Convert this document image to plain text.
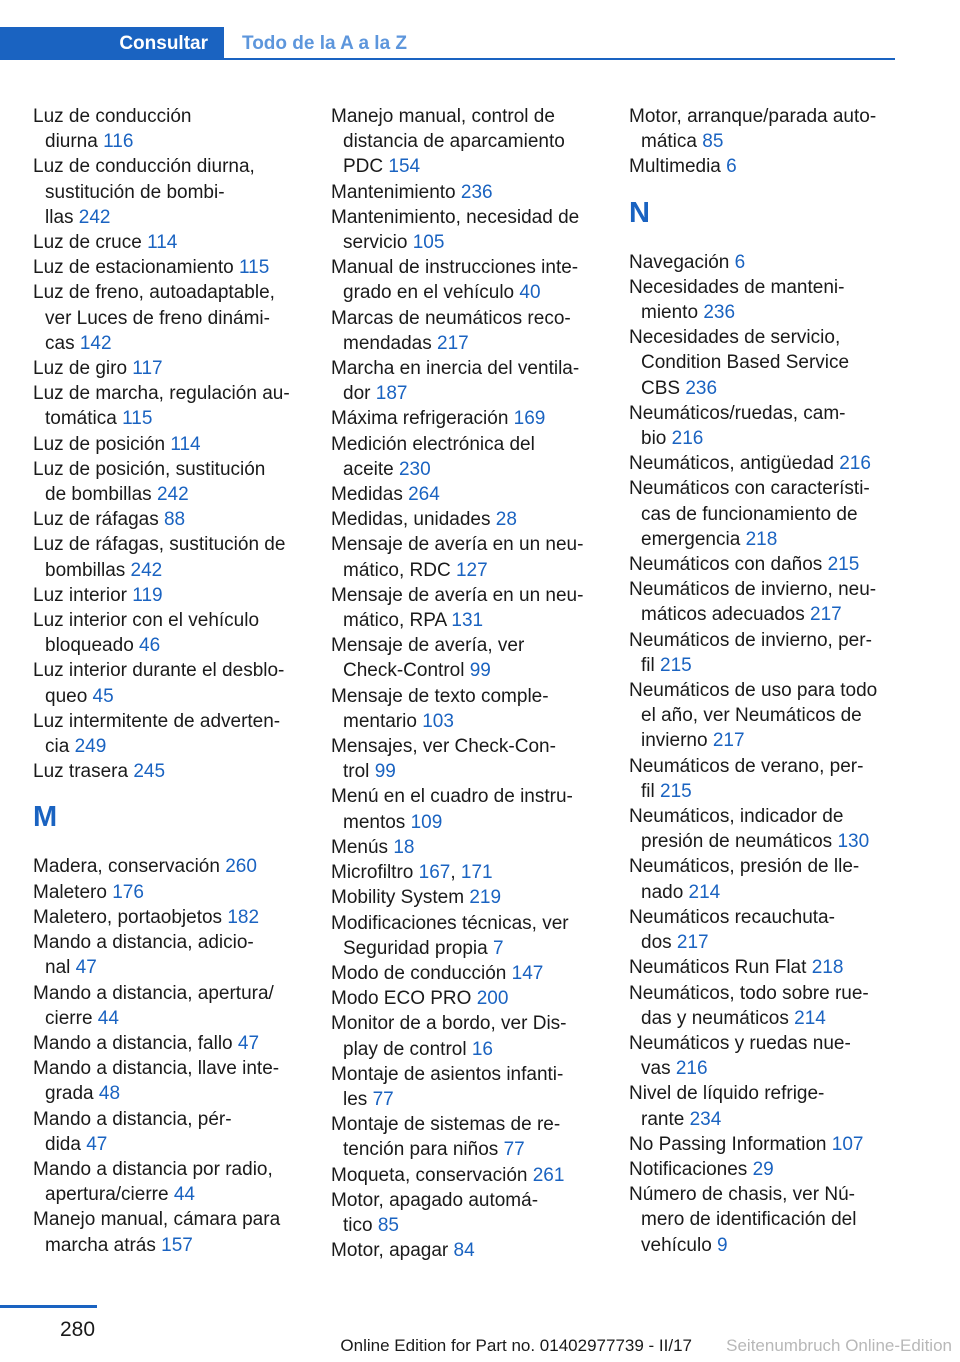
Consultar	Todo de la A a la Z
Luz de conducción
diurna 116
Luz de conducción diurna,
sustitución de bombi-
llas 242
Luz de cruce 114
Luz de estacionamiento 115
Luz de freno, autoadaptable,
ver Luces de freno dinámi-
cas 142
Luz de giro 117
Luz de marcha, regulación au-
tomática 115
Luz de posición 114
Luz de posición, sustitución
de bombillas 242
Luz de ráfagas 88
Luz de ráfagas, sustitución de
bombillas 242
Luz interior 119
Luz interior con el vehículo
bloqueado 46
Luz interior durante el desblo-
queo 45
Luz intermitente de adverten-
cia 249
Luz trasera 245
M
Madera, conservación 260
Maletero 176
Maletero, portaobjetos 182
Mando a distancia, adicio-
nal 47
Mando a distancia, apertura/
cierre 44
Mando a distancia, fallo 47
Mando a distancia, llave inte-
grada 48
Mando a distancia, pér-
dida 47
Mando a distancia por radio,
apertura/cierre 44
Manejo manual, cámara para
marcha atrás 157
Manejo manual, control de
distancia de aparcamiento
PDC 154
Mantenimiento 236
Mantenimiento, necesidad de
servicio 105
Manual de instrucciones inte-
grado en el vehículo 40
Marcas de neumáticos reco-
mendadas 217
Marcha en inercia del ventila-
dor 187
Máxima refrigeración 169
Medición electrónica del
aceite 230
Medidas 264
Medidas, unidades 28
Mensaje de avería en un neu-
mático, RDC 127
Mensaje de avería en un neu-
mático, RPA 131
Mensaje de avería, ver
Check-Control 99
Mensaje de texto comple-
mentario 103
Mensajes, ver Check-Con-
trol 99
Menú en el cuadro de instru-
mentos 109
Menús 18
Microfiltro 167, 171
Mobility System 219
Modificaciones técnicas, ver
Seguridad propia 7
Modo de conducción 147
Modo ECO PRO 200
Monitor de a bordo, ver Dis-
play de control 16
Montaje de asientos infanti-
les 77
Montaje de sistemas de re-
tención para niños 77
Moqueta, conservación 261
Motor, apagado automá-
tico 85
Motor, apagar 84
Motor, arranque/parada auto-
mática 85
Multimedia 6
N
Navegación 6
Necesidades de manteni-
miento 236
Necesidades de servicio,
Condition Based Service
CBS 236
Neumáticos/ruedas, cam-
bio 216
Neumáticos, antigüedad 216
Neumáticos con característi-
cas de funcionamiento de
emergencia 218
Neumáticos con daños 215
Neumáticos de invierno, neu-
máticos adecuados 217
Neumáticos de invierno, per-
fil 215
Neumáticos de uso para todo
el año, ver Neumáticos de
invierno 217
Neumáticos de verano, per-
fil 215
Neumáticos, indicador de
presión de neumáticos 130
Neumáticos, presión de lle-
nado 214
Neumáticos recauchuta-
dos 217
Neumáticos Run Flat 218
Neumáticos, todo sobre rue-
das y neumáticos 214
Neumáticos y ruedas nue-
vas 216
Nivel de líquido refrige-
rante 234
No Passing Information 107
Notificaciones 29
Número de chasis, ver Nú-
mero de identificación del
vehículo 9
280
Online Edition for Part no. 01402977739 - II/17 Seitenumbruch Online-Edition
